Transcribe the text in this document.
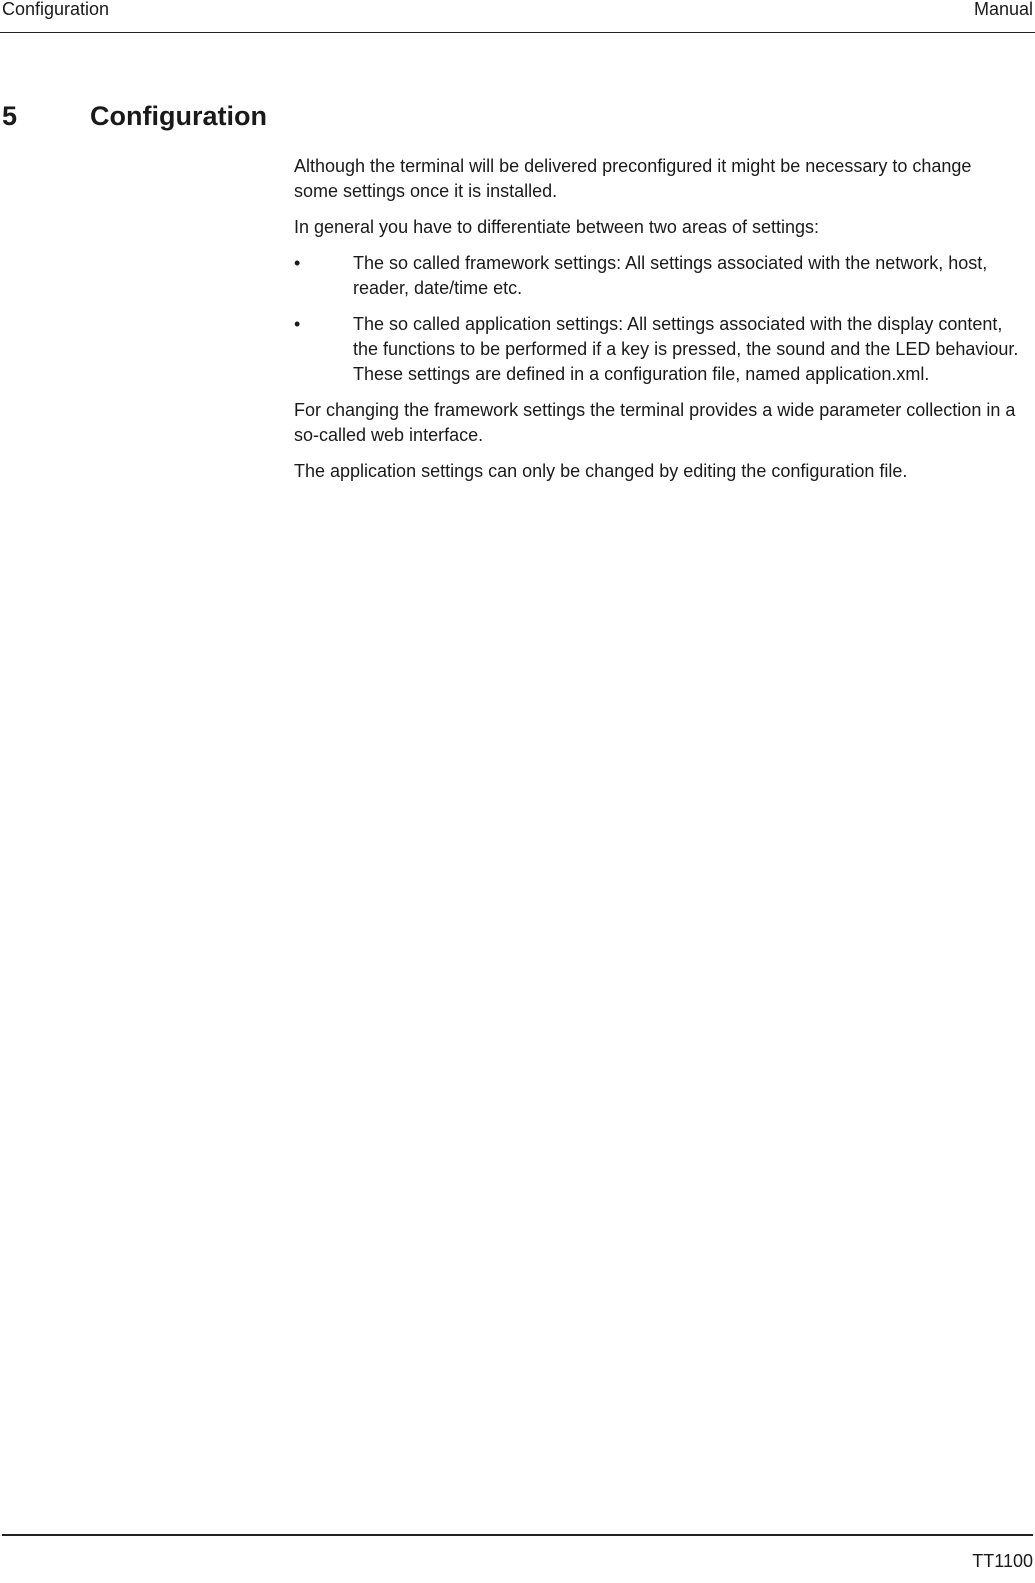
Configuration	Manual
5	Configuration

Although the terminal will be delivered preconfigured it might be necessary to change some settings once it is installed.

In general you have to differentiate between two areas of settings:

•	The so called framework settings: All settings associated with the network, host, reader, date/time etc.
•	The so called application settings: All settings associated with the display content, the functions to be performed if a key is pressed, the sound and the LED behaviour. These settings are defined in a configuration file, named application.xml.

For changing the framework settings the terminal provides a wide parameter collection in a so-called web interface.

The application settings can only be changed by editing the configuration file.

TT1100
